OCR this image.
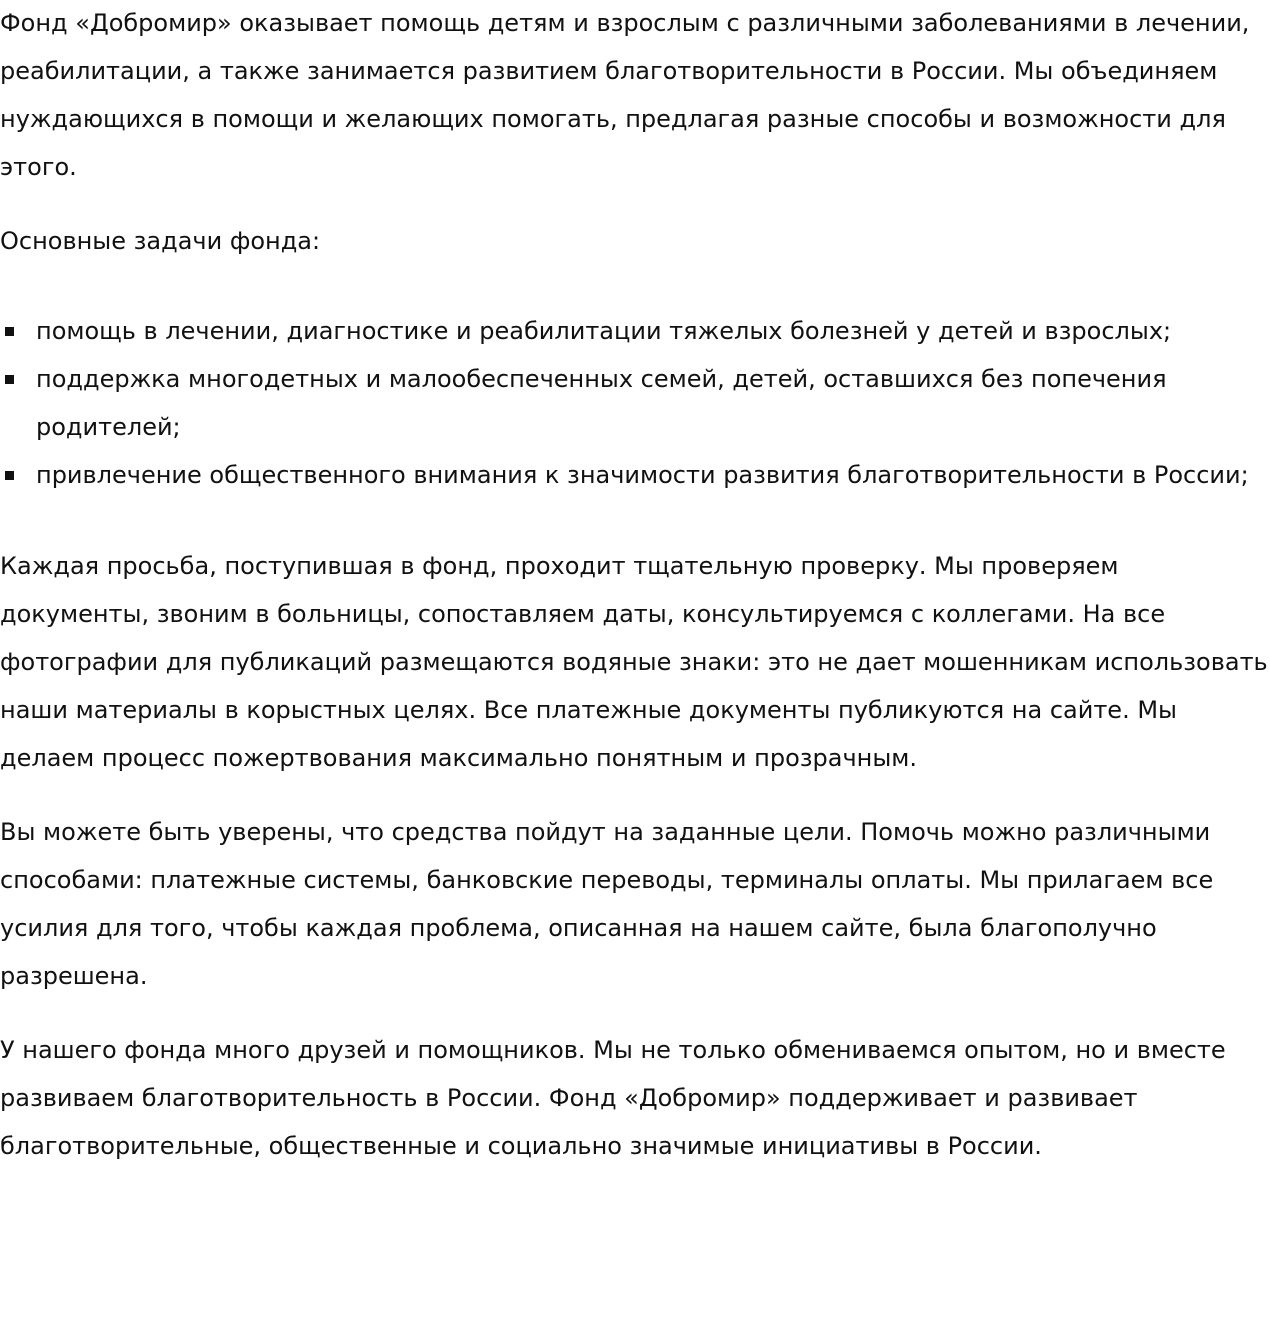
Фонд «Добромир» оказывает помощь детям и взрослым с различными заболеваниями в лечении, реабилитации, а также занимается развитием благотворительности в России. Мы объединяем нуждающихся в помощи и желающих помогать, предлагая разные способы и возможности для этого.

Основные задачи фонда:

помощь в лечении, диагностике и реабилитации тяжелых болезней у детей и взрослых;
поддержка многодетных и малообеспеченных семей, детей, оставшихся без попечения родителей;
привлечение общественного внимания к значимости развития благотворительности в России;

Каждая просьба, поступившая в фонд, проходит тщательную проверку. Мы проверяем документы, звоним в больницы, сопоставляем даты, консультируемся с коллегами. На все фотографии для публикаций размещаются водяные знаки: это не дает мошенникам использовать наши материалы в корыстных целях. Все платежные документы публикуются на сайте. Мы делаем процесс пожертвования максимально понятным и прозрачным.

Вы можете быть уверены, что средства пойдут на заданные цели. Помочь можно различными способами: платежные системы, банковские переводы, терминалы оплаты. Мы прилагаем все усилия для того, чтобы каждая проблема, описанная на нашем сайте, была благополучно разрешена.

У нашего фонда много друзей и помощников. Мы не только обмениваемся опытом, но и вместе развиваем благотворительность в России. Фонд «Добромир» поддерживает и развивает благотворительные, общественные и социально значимые инициативы в России.
